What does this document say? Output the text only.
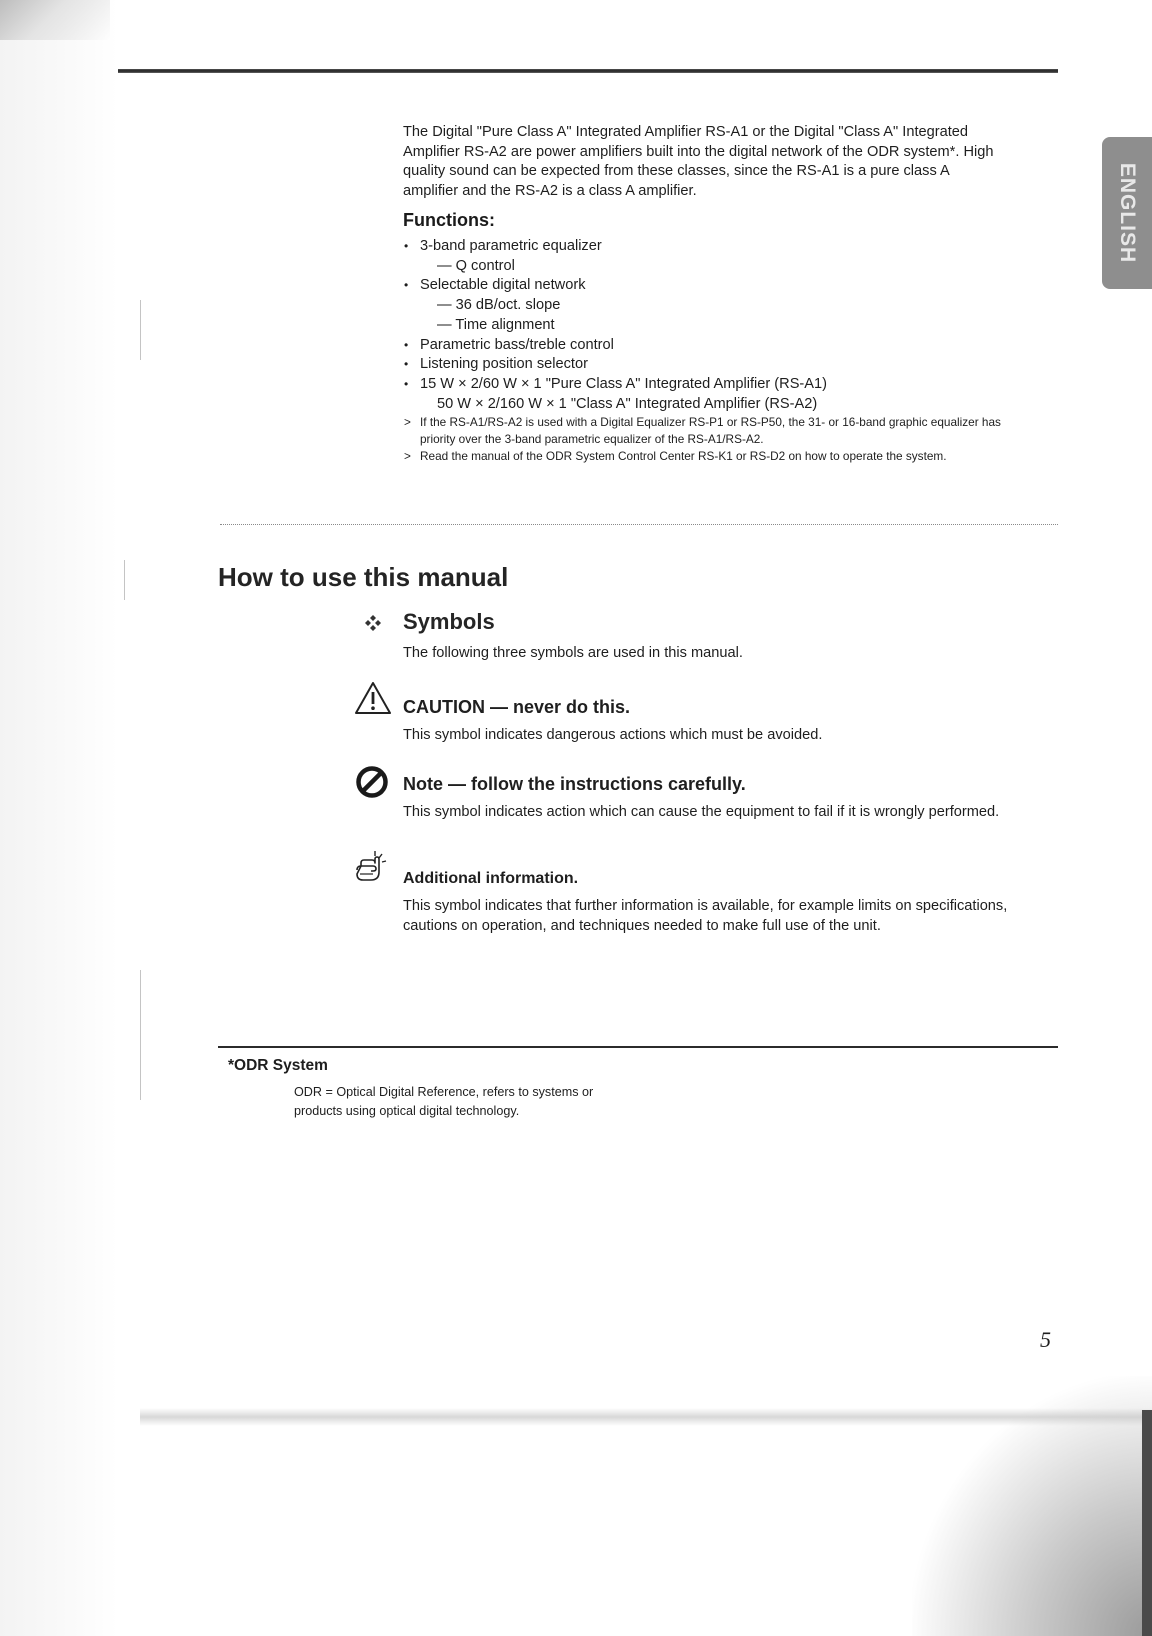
ENGLISH

The Digital "Pure Class A" Integrated Amplifier RS-A1 or the Digital "Class A" Integrated Amplifier RS-A2 are power amplifiers built into the digital network of the ODR system*. High quality sound can be expected from these classes, since the RS-A1 is a pure class A amplifier and the RS-A2 is a class A amplifier.

Functions:
• 3-band parametric equalizer
— Q control
• Selectable digital network
— 36 dB/oct. slope
— Time alignment
• Parametric bass/treble control
• Listening position selector
• 15 W × 2/60 W × 1 "Pure Class A" Integrated Amplifier (RS-A1)
50 W × 2/160 W × 1 "Class A" Integrated Amplifier (RS-A2)
> If the RS-A1/RS-A2 is used with a Digital Equalizer RS-P1 or RS-P50, the 31- or 16-band graphic equalizer has priority over the 3-band parametric equalizer of the RS-A1/RS-A2.
> Read the manual of the ODR System Control Center RS-K1 or RS-D2 on how to operate the system.
How to use this manual
Symbols

The following three symbols are used in this manual.

CAUTION — never do this.

This symbol indicates dangerous actions which must be avoided.

Note — follow the instructions carefully.

This symbol indicates action which can cause the equipment to fail if it is wrongly performed.

Additional information.

This symbol indicates that further information is available, for example limits on specifications, cautions on operation, and techniques needed to make full use of the unit.

*ODR System

ODR = Optical Digital Reference, refers to systems or products using optical digital technology.

5
